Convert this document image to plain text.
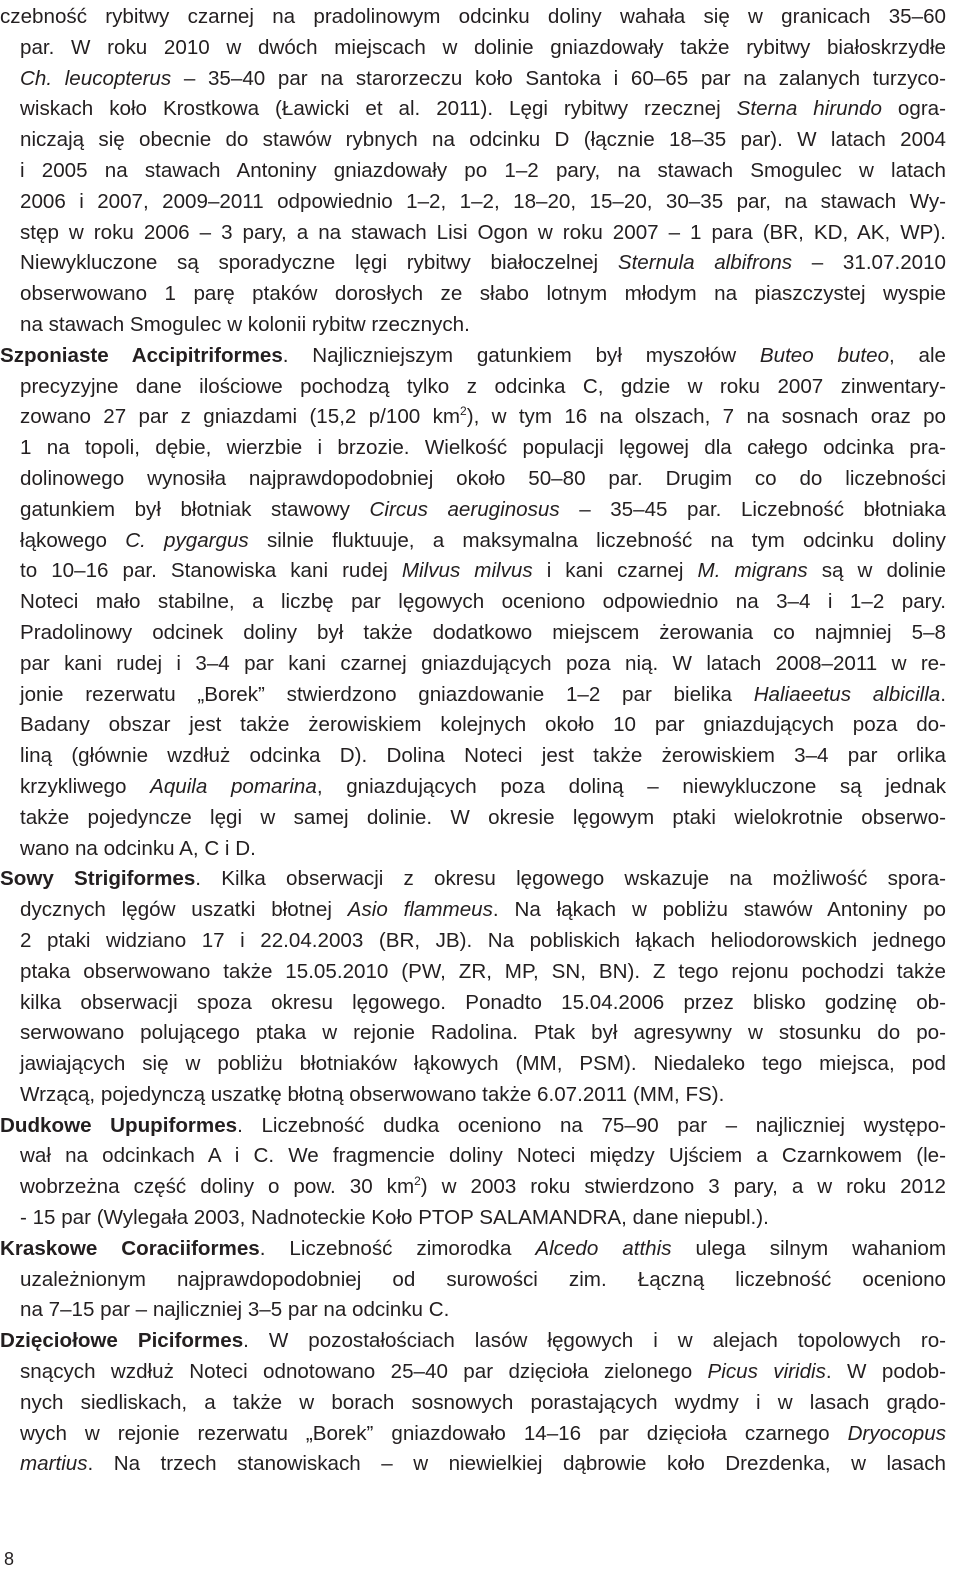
czebność rybitwy czarnej na pradolinowym odcinku doliny wahała się w granicach 35–60
par. W roku 2010 w dwóch miejscach w dolinie gniazdowały także rybitwy białoskrzydłe
Ch. leucopterus – 35–40 par na starorzeczu koło Santoka i 60–65 par na zalanych turzyco-
wiskach koło Krostkowa (Ławicki et al. 2011). Lęgi rybitwy rzecznej Sterna hirundo ogra-
niczają się obecnie do stawów rybnych na odcinku D (łącznie 18–35 par). W latach 2004
i 2005 na stawach Antoniny gniazdowały po 1–2 pary, na stawach Smogulec w latach
2006 i 2007, 2009–2011 odpowiednio 1–2, 1–2, 18–20, 15–20, 30–35 par, na stawach Wy-
stęp w roku 2006 – 3 pary, a na stawach Lisi Ogon w roku 2007 – 1 para (BR, KD, AK, WP).
Niewykluczone są sporadyczne lęgi rybitwy białoczelnej Sternula albifrons – 31.07.2010
obserwowano 1 parę ptaków dorosłych ze słabo lotnym młodym na piaszczystej wyspie
na stawach Smogulec w kolonii rybitw rzecznych.
Szponiaste Accipitriformes. Najliczniejszym gatunkiem był myszołów Buteo buteo, ale
precyzyjne dane ilościowe pochodzą tylko z odcinka C, gdzie w roku 2007 zinwentary-
zowano 27 par z gniazdami (15,2 p/100 $km^2$), w tym 16 na olszach, 7 na sosnach oraz po
1 na topoli, dębie, wierzbie i brzozie. Wielkość populacji lęgowej dla całego odcinka pra-
dolinowego wynosiła najprawdopodobniej około 50–80 par. Drugim co do liczebności
gatunkiem był błotniak stawowy Circus aeruginosus – 35–45 par. Liczebność błotniaka
łąkowego C. pygargus silnie fluktuuje, a maksymalna liczebność na tym odcinku doliny
to 10–16 par. Stanowiska kani rudej Milvus milvus i kani czarnej M. migrans są w dolinie
Noteci mało stabilne, a liczbę par lęgowych oceniono odpowiednio na 3–4 i 1–2 pary.
Pradolinowy odcinek doliny był także dodatkowo miejscem żerowania co najmniej 5–8
par kani rudej i 3–4 par kani czarnej gniazdujących poza nią. W latach 2008–2011 w re-
jonie rezerwatu „Borek” stwierdzono gniazdowanie 1–2 par bielika Haliaeetus albicilla.
Badany obszar jest także żerowiskiem kolejnych około 10 par gniazdujących poza do-
liną (głównie wzdłuż odcinka D). Dolina Noteci jest także żerowiskiem 3–4 par orlika
krzykliwego Aquila pomarina, gniazdujących poza doliną – niewykluczone są jednak
także pojedyncze lęgi w samej dolinie. W okresie lęgowym ptaki wielokrotnie obserwo-
wano na odcinku A, C i D.
Sowy Strigiformes. Kilka obserwacji z okresu lęgowego wskazuje na możliwość spora-
dycznych lęgów uszatki błotnej Asio flammeus. Na łąkach w pobliżu stawów Antoniny po
2 ptaki widziano 17 i 22.04.2003 (BR, JB). Na pobliskich łąkach heliodorowskich jednego
ptaka obserwowano także 15.05.2010 (PW, ZR, MP, SN, BN). Z tego rejonu pochodzi także
kilka obserwacji spoza okresu lęgowego. Ponadto 15.04.2006 przez blisko godzinę ob-
serwowano polującego ptaka w rejonie Radolina. Ptak był agresywny w stosunku do po-
jawiających się w pobliżu błotniaków łąkowych (MM, PSM). Niedaleko tego miejsca, pod
Wrzącą, pojedynczą uszatkę błotną obserwowano także 6.07.2011 (MM, FS).
Dudkowe Upupiformes. Liczebność dudka oceniono na 75–90 par – najliczniej występo-
wał na odcinkach A i C. We fragmencie doliny Noteci między Ujściem a Czarnkowem (le-
wobrzeżna część doliny o pow. 30 $km^2$) w 2003 roku stwierdzono 3 pary, a w roku 2012
- 15 par (Wylegała 2003, Nadnoteckie Koło PTOP SALAMANDRA, dane niepubl.).
Kraskowe Coraciiformes. Liczebność zimorodka Alcedo atthis ulega silnym wahaniom
uzależnionym najprawdopodobniej od surowości zim. Łączną liczebność oceniono
na 7–15 par – najliczniej 3–5 par na odcinku C.
Dzięciołowe Piciformes. W pozostałościach lasów łęgowych i w alejach topolowych ro-
snących wzdłuż Noteci odnotowano 25–40 par dzięcioła zielonego Picus viridis. W podob-
nych siedliskach, a także w borach sosnowych porastających wydmy i w lasach grądo-
wych w rejonie rezerwatu „Borek” gniazdowało 14–16 par dzięcioła czarnego Dryocopus
martius. Na trzech stanowiskach – w niewielkiej dąbrowie koło Drezdenka, w lasach
8
